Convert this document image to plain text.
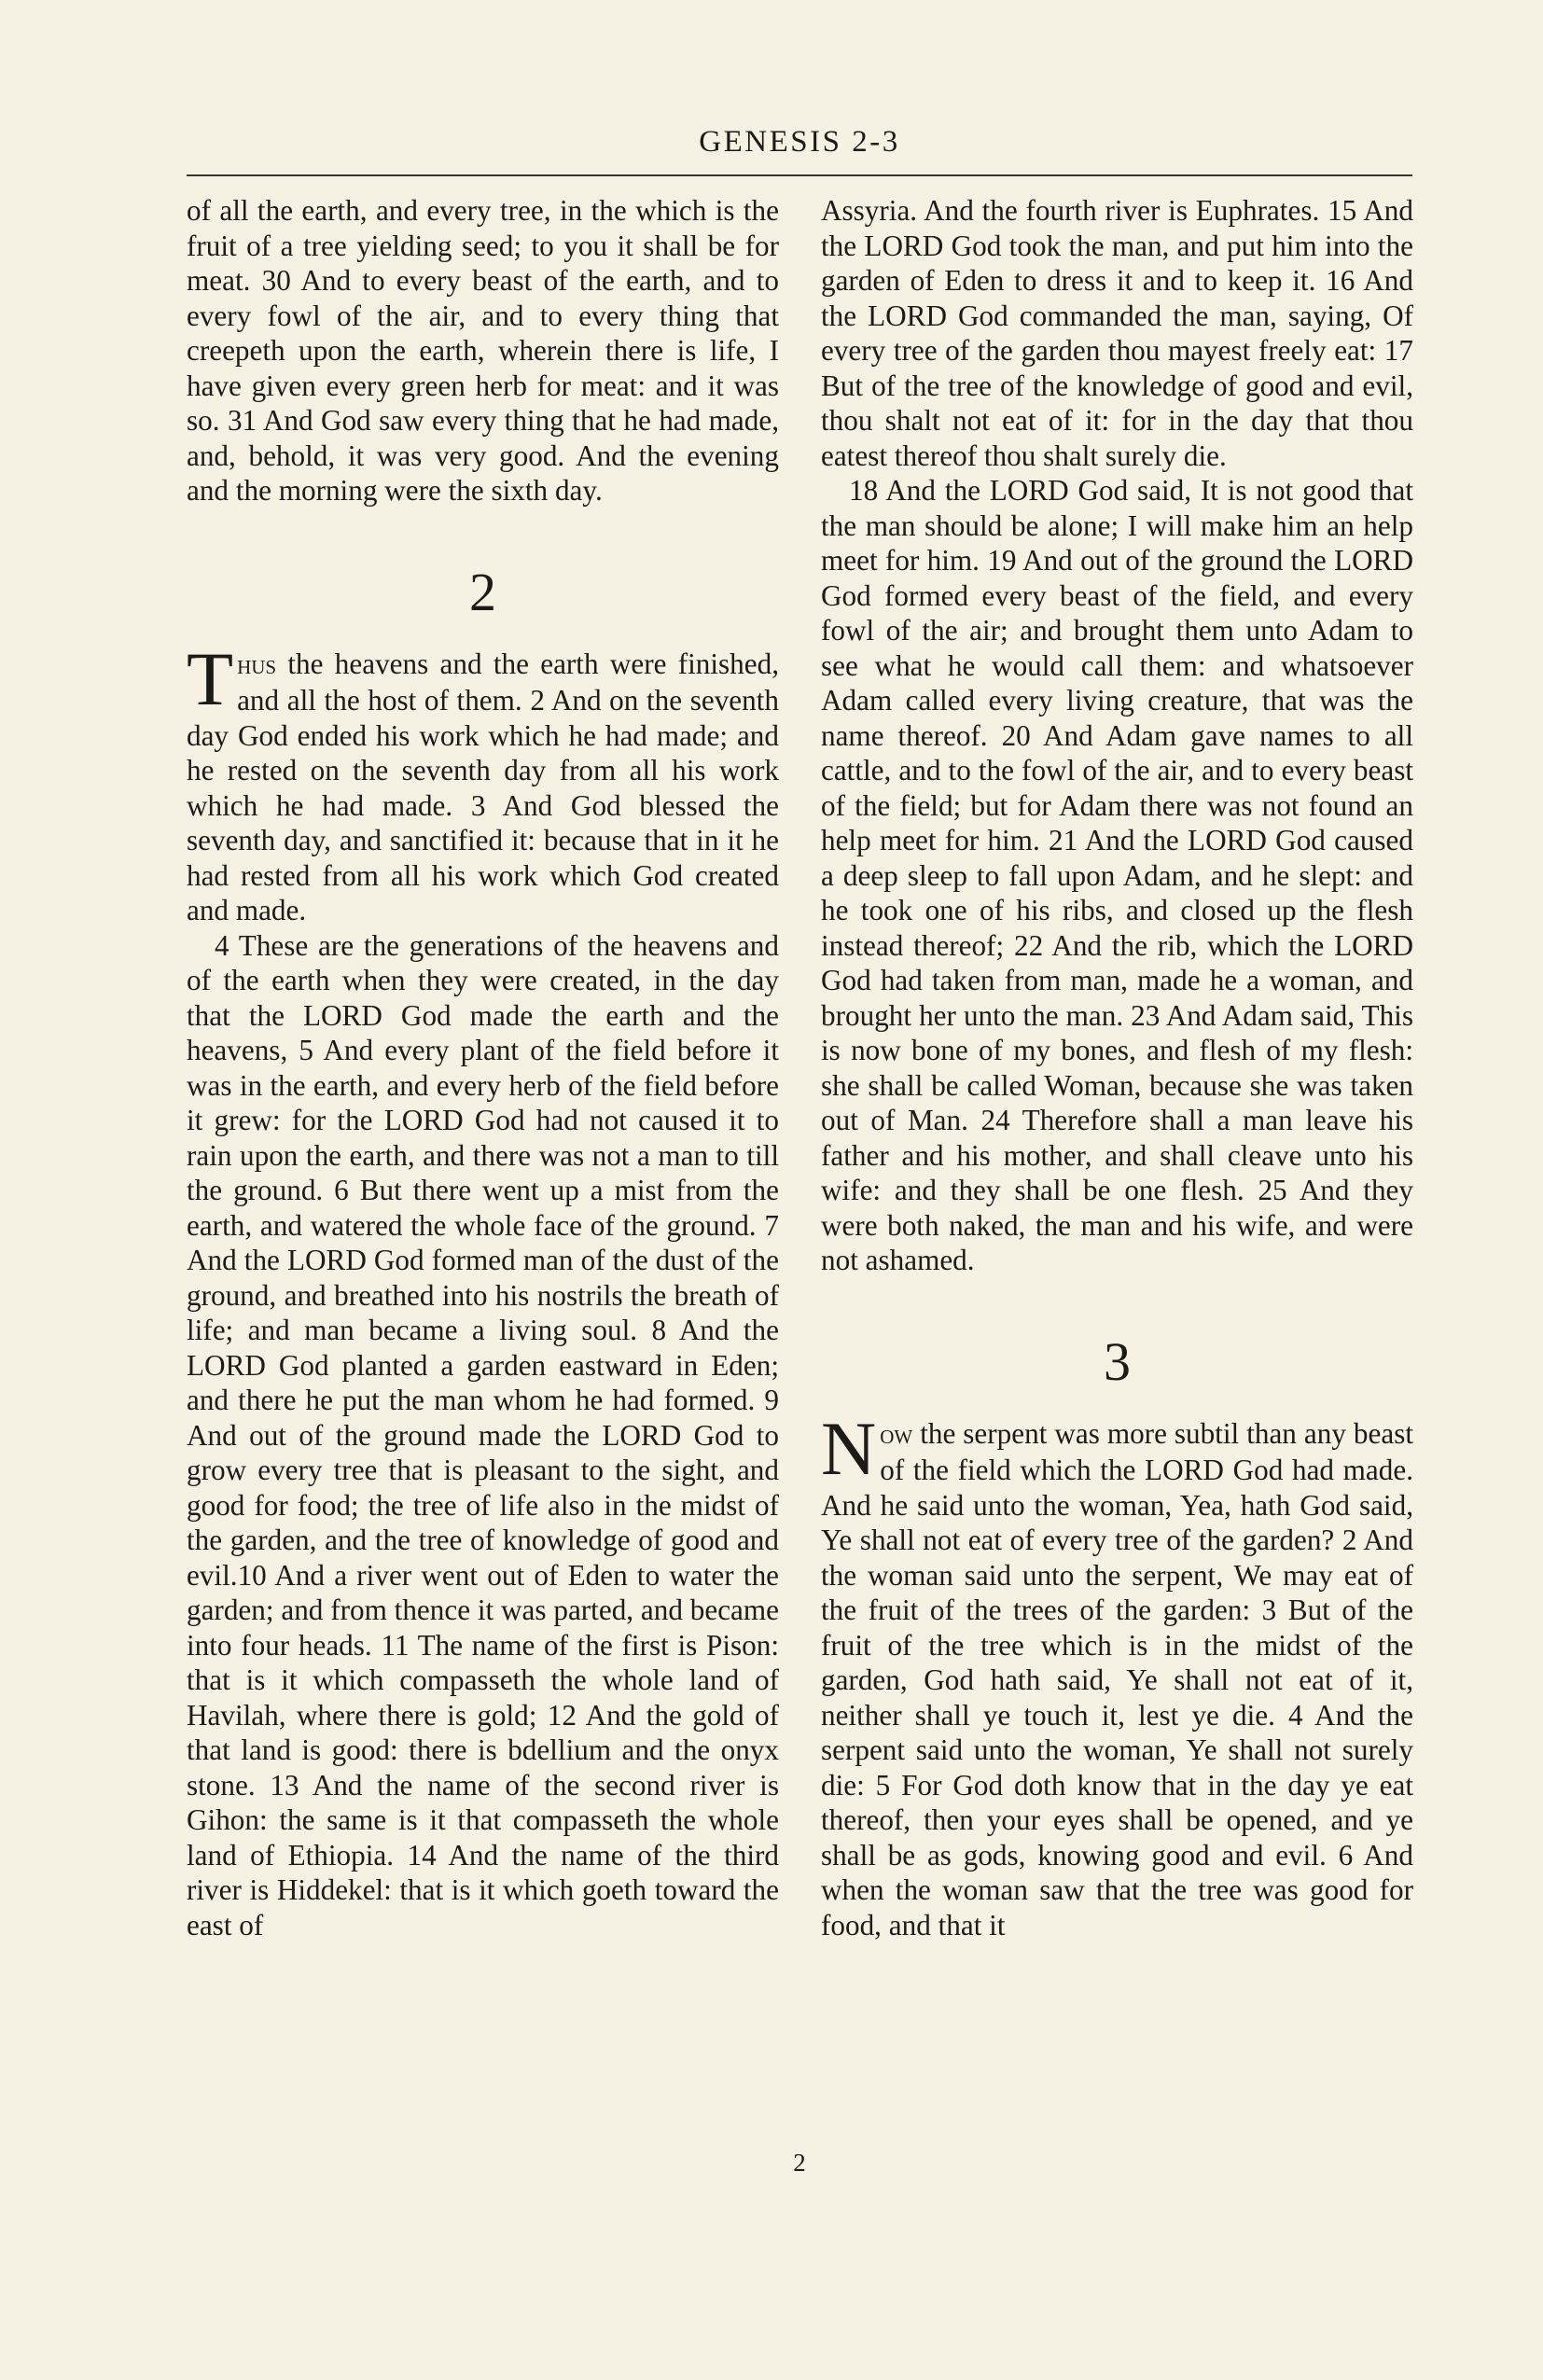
GENESIS 2-3

of all the earth, and every tree, in the which is the fruit of a tree yielding seed; to you it shall be for meat. 30 And to every beast of the earth, and to every fowl of the air, and to every thing that creepeth upon the earth, wherein there is life, I have given every green herb for meat: and it was so. 31 And God saw every thing that he had made, and, behold, it was very good. And the evening and the morning were the sixth day.

2

Thus the heavens and the earth were finished, and all the host of them. 2 And on the seventh day God ended his work which he had made; and he rested on the seventh day from all his work which he had made. 3 And God blessed the seventh day, and sanctified it: because that in it he had rested from all his work which God created and made.

4 These are the generations of the heavens and of the earth when they were created, in the day that the LORD God made the earth and the heavens, 5 And every plant of the field before it was in the earth, and every herb of the field before it grew: for the LORD God had not caused it to rain upon the earth, and there was not a man to till the ground. 6 But there went up a mist from the earth, and watered the whole face of the ground. 7 And the LORD God formed man of the dust of the ground, and breathed into his nostrils the breath of life; and man became a living soul. 8 And the LORD God planted a garden eastward in Eden; and there he put the man whom he had formed. 9 And out of the ground made the LORD God to grow every tree that is pleasant to the sight, and good for food; the tree of life also in the midst of the garden, and the tree of knowledge of good and evil.10 And a river went out of Eden to water the garden; and from thence it was parted, and became into four heads. 11 The name of the first is Pison: that is it which compasseth the whole land of Havilah, where there is gold; 12 And the gold of that land is good: there is bdellium and the onyx stone. 13 And the name of the second river is Gihon: the same is it that compasseth the whole land of Ethiopia. 14 And the name of the third river is Hiddekel: that is it which goeth toward the east of

Assyria. And the fourth river is Euphrates. 15 And the LORD God took the man, and put him into the garden of Eden to dress it and to keep it. 16 And the LORD God commanded the man, saying, Of every tree of the garden thou mayest freely eat: 17 But of the tree of the knowledge of good and evil, thou shalt not eat of it: for in the day that thou eatest thereof thou shalt surely die.

18 And the LORD God said, It is not good that the man should be alone; I will make him an help meet for him. 19 And out of the ground the LORD God formed every beast of the field, and every fowl of the air; and brought them unto Adam to see what he would call them: and whatsoever Adam called every living creature, that was the name thereof. 20 And Adam gave names to all cattle, and to the fowl of the air, and to every beast of the field; but for Adam there was not found an help meet for him. 21 And the LORD God caused a deep sleep to fall upon Adam, and he slept: and he took one of his ribs, and closed up the flesh instead thereof; 22 And the rib, which the LORD God had taken from man, made he a woman, and brought her unto the man. 23 And Adam said, This is now bone of my bones, and flesh of my flesh: she shall be called Woman, because she was taken out of Man. 24 Therefore shall a man leave his father and his mother, and shall cleave unto his wife: and they shall be one flesh. 25 And they were both naked, the man and his wife, and were not ashamed.

3

Now the serpent was more subtil than any beast of the field which the LORD God had made. And he said unto the woman, Yea, hath God said, Ye shall not eat of every tree of the garden? 2 And the woman said unto the serpent, We may eat of the fruit of the trees of the garden: 3 But of the fruit of the tree which is in the midst of the garden, God hath said, Ye shall not eat of it, neither shall ye touch it, lest ye die. 4 And the serpent said unto the woman, Ye shall not surely die: 5 For God doth know that in the day ye eat thereof, then your eyes shall be opened, and ye shall be as gods, knowing good and evil. 6 And when the woman saw that the tree was good for food, and that it

2
